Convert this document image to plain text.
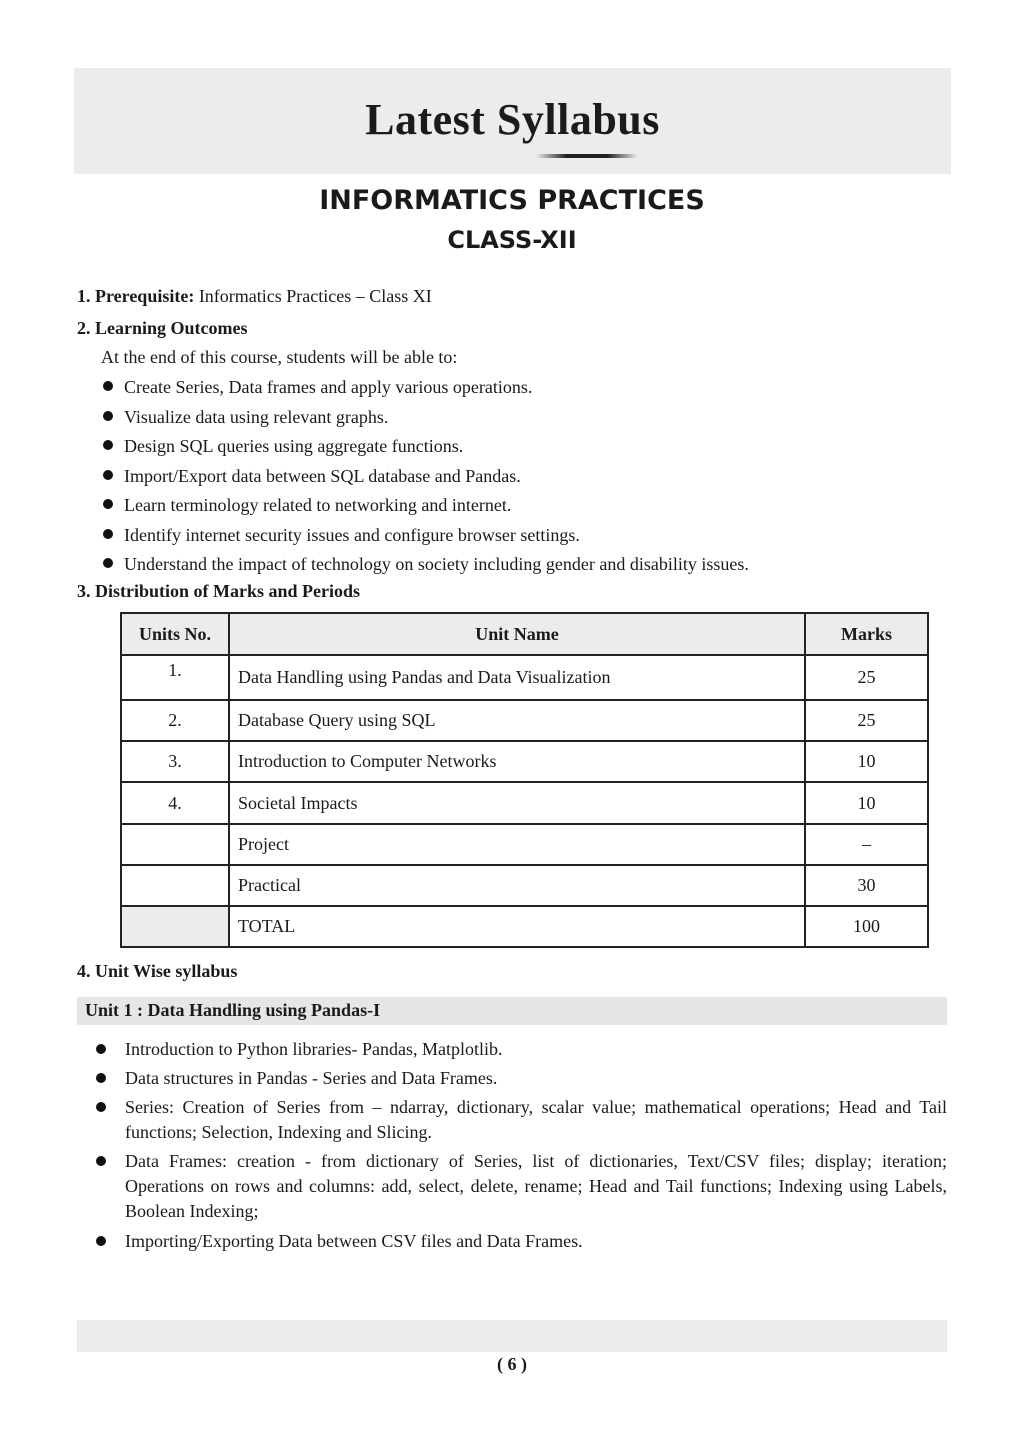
Latest Syllabus
INFORMATICS PRACTICES
CLASS-XII
1. Prerequisite: Informatics Practices – Class XI
2. Learning Outcomes
At the end of this course, students will be able to:
Create Series, Data frames and apply various operations.
Visualize data using relevant graphs.
Design SQL queries using aggregate functions.
Import/Export data between SQL database and Pandas.
Learn terminology related to networking and internet.
Identify internet security issues and configure browser settings.
Understand the impact of technology on society including gender and disability issues.
3. Distribution of Marks and Periods
Units No.	Unit Name	Marks
1.	Data Handling using Pandas and Data Visualization	25
2.	Database Query using SQL	25
3.	Introduction to Computer Networks	10
4.	Societal Impacts	10
	Project	–
	Practical	30
	TOTAL	100
4. Unit Wise syllabus
Unit 1 : Data Handling using Pandas-I
Introduction to Python libraries- Pandas, Matplotlib.
Data structures in Pandas - Series and Data Frames.
Series: Creation of Series from – ndarray, dictionary, scalar value; mathematical operations; Head and Tail functions; Selection, Indexing and Slicing.
Data Frames: creation - from dictionary of Series, list of dictionaries, Text/CSV files; display; iteration; Operations on rows and columns: add, select, delete, rename; Head and Tail functions; Indexing using Labels, Boolean Indexing;
Importing/Exporting Data between CSV files and Data Frames.
( 6 )
